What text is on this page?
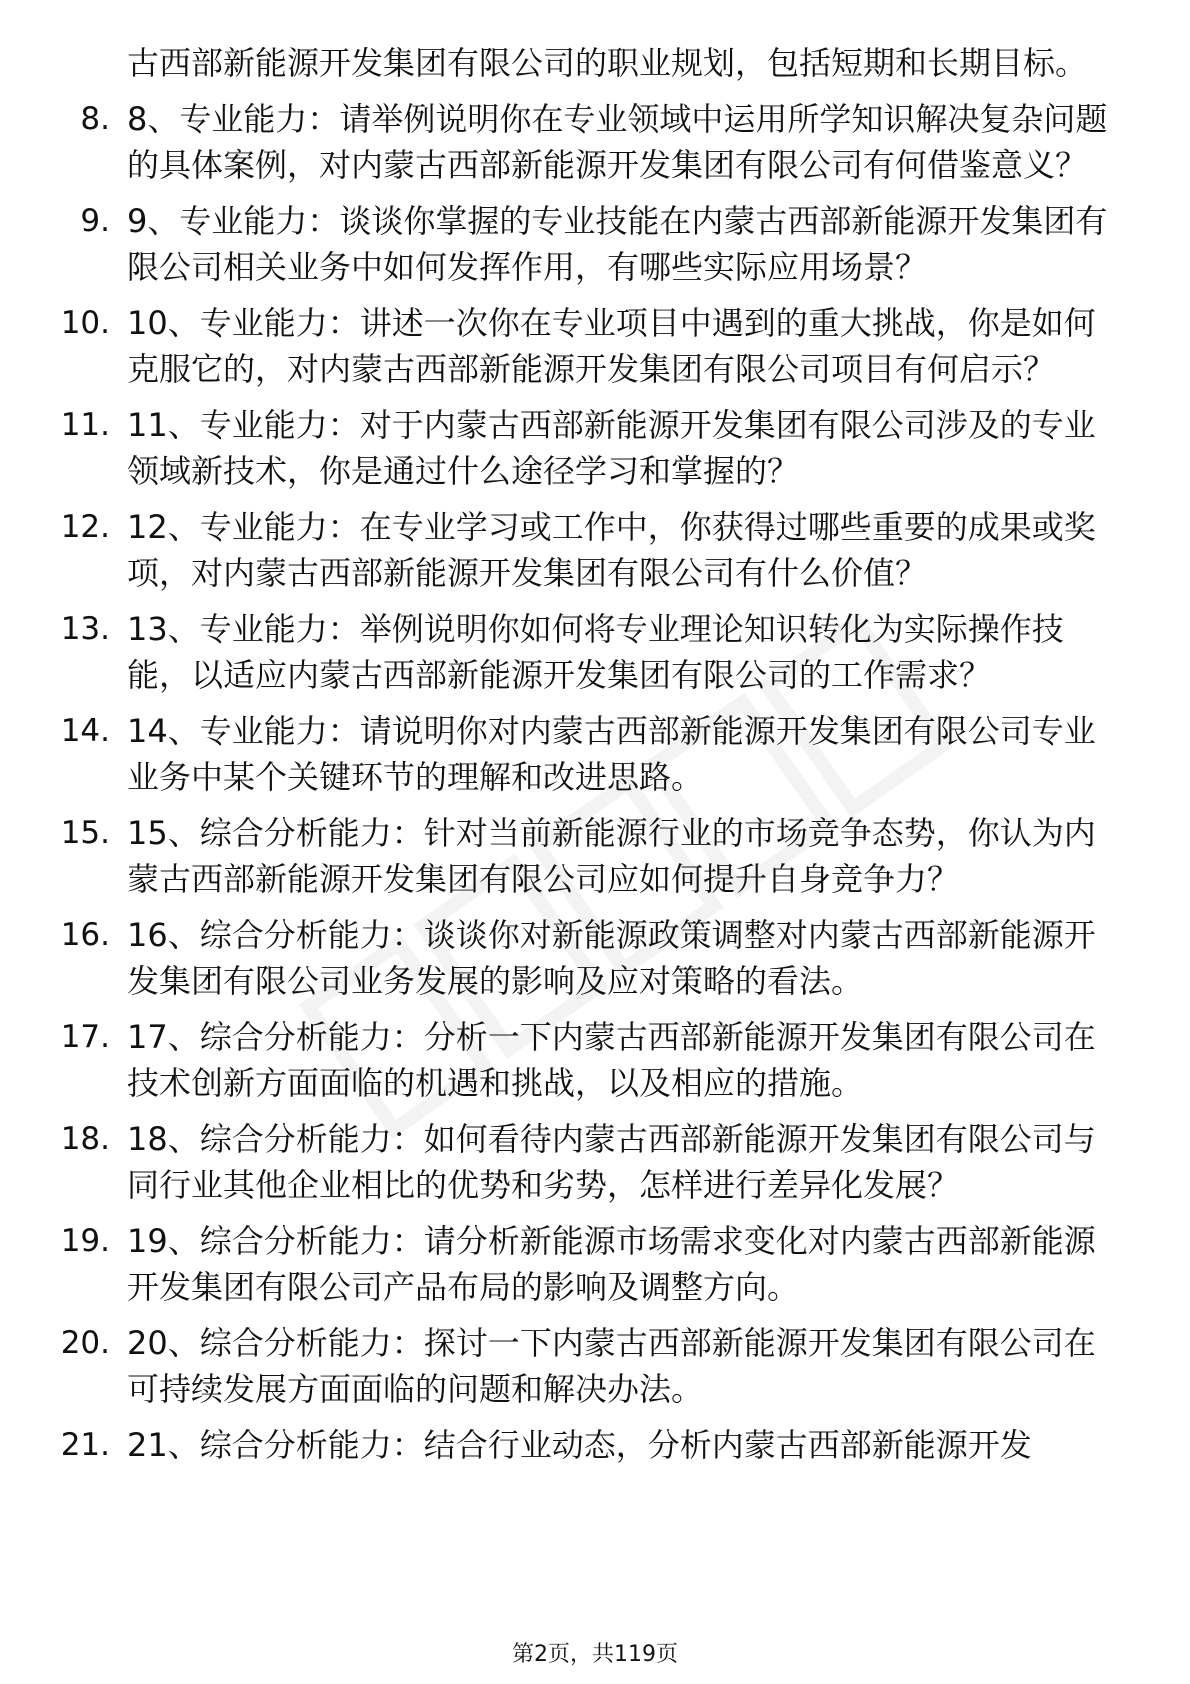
古西部新能源开发集团有限公司的职业规划，包括短期和长期目标。
8. 8、专业能力：请举例说明你在专业领域中运用所学知识解决复杂问题的具体案例，对内蒙古西部新能源开发集团有限公司有何借鉴意义？
9. 9、专业能力：谈谈你掌握的专业技能在内蒙古西部新能源开发集团有限公司相关业务中如何发挥作用，有哪些实际应用场景？
10. 10、专业能力：讲述一次你在专业项目中遇到的重大挑战，你是如何克服它的，对内蒙古西部新能源开发集团有限公司项目有何启示？
11. 11、专业能力：对于内蒙古西部新能源开发集团有限公司涉及的专业领域新技术，你是通过什么途径学习和掌握的？
12. 12、专业能力：在专业学习或工作中，你获得过哪些重要的成果或奖项，对内蒙古西部新能源开发集团有限公司有什么价值？
13. 13、专业能力：举例说明你如何将专业理论知识转化为实际操作技能，以适应内蒙古西部新能源开发集团有限公司的工作需求？
14. 14、专业能力：请说明你对内蒙古西部新能源开发集团有限公司专业业务中某个关键环节的理解和改进思路。
15. 15、综合分析能力：针对当前新能源行业的市场竞争态势，你认为内蒙古西部新能源开发集团有限公司应如何提升自身竞争力？
16. 16、综合分析能力：谈谈你对新能源政策调整对内蒙古西部新能源开发集团有限公司业务发展的影响及应对策略的看法。
17. 17、综合分析能力：分析一下内蒙古西部新能源开发集团有限公司在技术创新方面面临的机遇和挑战，以及相应的措施。
18. 18、综合分析能力：如何看待内蒙古西部新能源开发集团有限公司与同行业其他企业相比的优势和劣势，怎样进行差异化发展？
19. 19、综合分析能力：请分析新能源市场需求变化对内蒙古西部新能源开发集团有限公司产品布局的影响及调整方向。
20. 20、综合分析能力：探讨一下内蒙古西部新能源开发集团有限公司在可持续发展方面面临的问题和解决办法。
21. 21、综合分析能力：结合行业动态，分析内蒙古西部新能源开发
第2页，共119页
